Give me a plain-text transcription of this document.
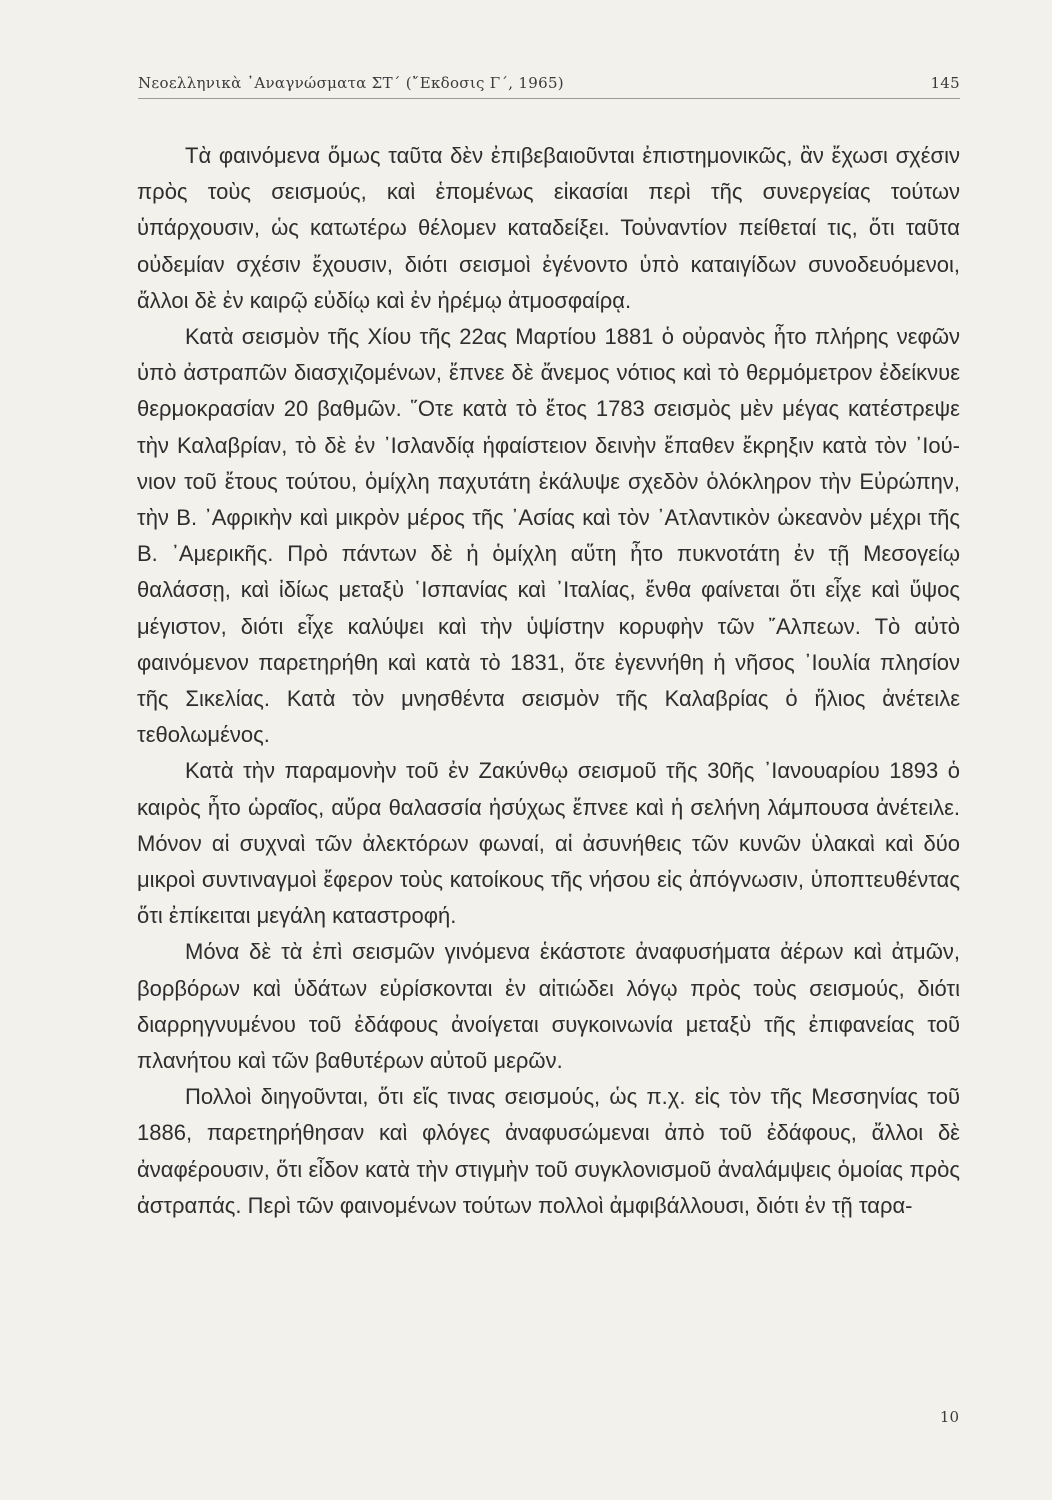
Νεοελληνικὰ ᾿Αναγνώσματα ΣΤ΄ (῎Εκδοσις Γ΄, 1965)	145

Τὰ φαινόμενα ὅμως ταῦτα δὲν ἐπιβεβαιοῦνται ἐπιστημονικῶς, ἂν ἔχωσι σχέσιν πρὸς τοὺς σεισμούς, καὶ ἑπομένως εἰκασίαι περὶ τῆς συνεργείας τούτων ὑπάρχουσιν, ὡς κατωτέρω θέλομεν καταδείξει. Τοὐναντίον πείθεταί τις, ὅτι ταῦτα οὐδεμίαν σχέσιν ἔχουσιν, διότι σεισμοὶ ἐγένοντο ὑπὸ καταιγίδων συνοδευόμενοι, ἄλλοι δὲ ἐν καιρῷ εὐδίῳ καὶ ἐν ἠρέμῳ ἀτμοσφαίρᾳ.

Κατὰ σεισμὸν τῆς Χίου τῆς 22ας Μαρτίου 1881 ὁ οὐρανὸς ἦτο πλήρης νεφῶν ὑπὸ ἀστραπῶν διασχιζομένων, ἔπνεε δὲ ἄνεμος νότιος καὶ τὸ θερμόμετρον ἐδείκνυε θερμοκρασίαν 20 βαθμῶν. ῞Οτε κατὰ τὸ ἔτος 1783 σεισμὸς μὲν μέγας κατέστρεψε τὴν Καλαβρίαν, τὸ δὲ ἐν ᾿Ισλανδίᾳ ἡφαίστειον δεινὴν ἔπαθεν ἔκρηξιν κατὰ τὸν ᾿Ιούνιον τοῦ ἔτους τούτου, ὁμίχλη παχυτάτη ἐκάλυψε σχεδὸν ὁλόκληρον τὴν Εὐρώπην, τὴν Β. ᾿Αφρικὴν καὶ μικρὸν μέρος τῆς ᾿Ασίας καὶ τὸν ᾿Ατλαντικὸν ὠκεανὸν μέχρι τῆς Β. ᾿Αμερικῆς. Πρὸ πάντων δὲ ἡ ὁμίχλη αὕτη ἦτο πυκνοτάτη ἐν τῇ Μεσογείῳ θαλάσσῃ, καὶ ἰδίως μεταξὺ ῾Ισπανίας καὶ ᾿Ιταλίας, ἔνθα φαίνεται ὅτι εἶχε καὶ ὕψος μέγιστον, διότι εἶχε καλύψει καὶ τὴν ὑψίστην κορυφὴν τῶν ῎Αλπεων. Τὸ αὐτὸ φαινόμενον παρετηρήθη καὶ κατὰ τὸ 1831, ὅτε ἐγεννήθη ἡ νῆσος ᾿Ιουλία πλησίον τῆς Σικελίας. Κατὰ τὸν μνησθέντα σεισμὸν τῆς Καλαβρίας ὁ ἥλιος ἀνέτειλε τεθολωμένος.

Κατὰ τὴν παραμονὴν τοῦ ἐν Ζακύνθῳ σεισμοῦ τῆς 30ῆς ᾿Ιανουαρίου 1893 ὁ καιρὸς ἦτο ὡραῖος, αὔρα θαλασσία ἡσύχως ἔπνεε καὶ ἡ σελήνη λάμπουσα ἀνέτειλε. Μόνον αἱ συχναὶ τῶν ἀλεκτόρων φωναί, αἱ ἀσυνήθεις τῶν κυνῶν ὑλακαὶ καὶ δύο μικροὶ συντιναγμοὶ ἔφερον τοὺς κατοίκους τῆς νήσου εἰς ἀπόγνωσιν, ὑποπτευθέντας ὅτι ἐπίκειται μεγάλη καταστροφή.

Μόνα δὲ τὰ ἐπὶ σεισμῶν γινόμενα ἑκάστοτε ἀναφυσήματα ἀέρων καὶ ἀτμῶν, βορβόρων καὶ ὑδάτων εὑρίσκονται ἐν αἰτιώδει λόγῳ πρὸς τοὺς σεισμούς, διότι διαρρηγνυμένου τοῦ ἐδάφους ἀνοίγεται συγκοινωνία μεταξὺ τῆς ἐπιφανείας τοῦ πλανήτου καὶ τῶν βαθυτέρων αὐτοῦ μερῶν.

Πολλοὶ διηγοῦνται, ὅτι εἴς τινας σεισμούς, ὡς π.χ. εἰς τὸν τῆς Μεσσηνίας τοῦ 1886, παρετηρήθησαν καὶ φλόγες ἀναφυσώμεναι ἀπὸ τοῦ ἐδάφους, ἄλλοι δὲ ἀναφέρουσιν, ὅτι εἶδον κατὰ τὴν στιγμὴν τοῦ συγκλονισμοῦ ἀναλάμψεις ὁμοίας πρὸς ἀστραπάς. Περὶ τῶν φαινομένων τούτων πολλοὶ ἀμφιβάλλουσι, διότι ἐν τῇ ταρα-

10
